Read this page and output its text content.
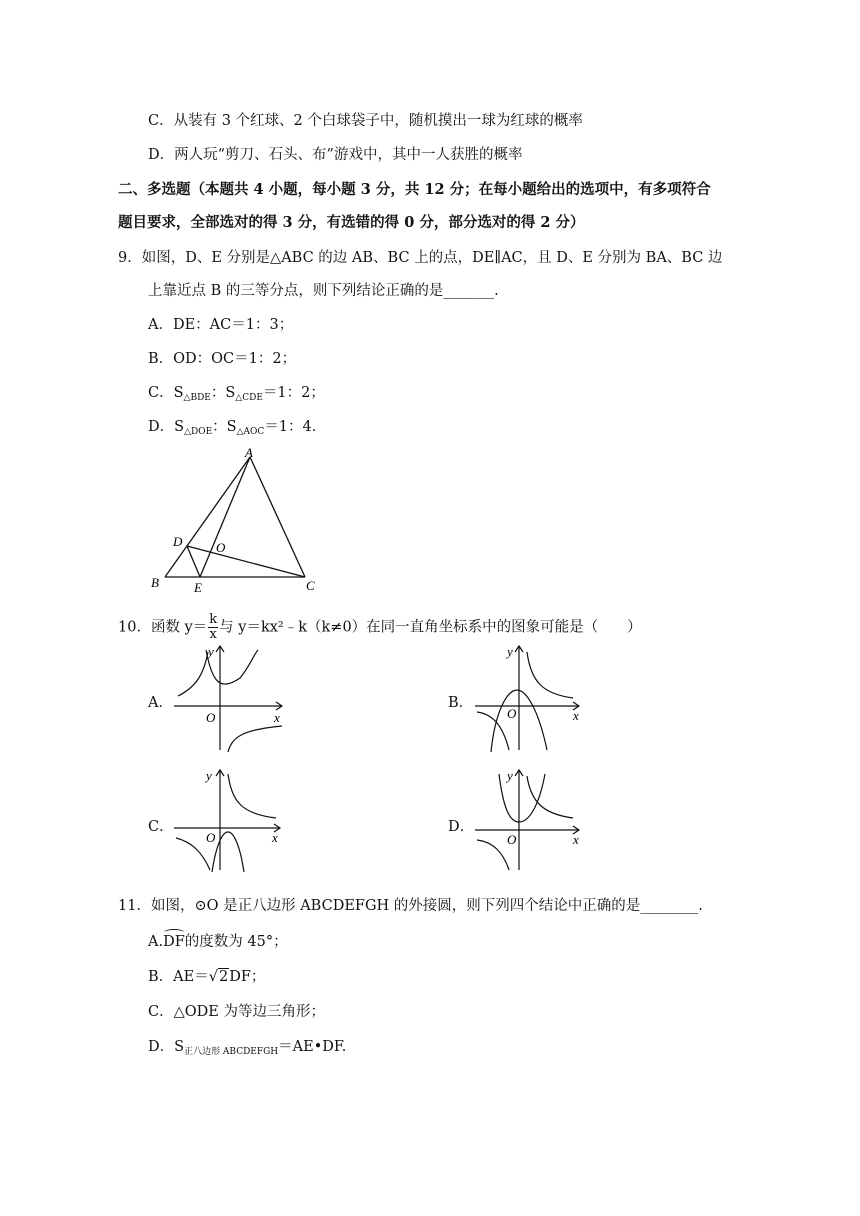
C．从装有 3 个红球、2 个白球袋子中，随机摸出一球为红球的概率
D．两人玩“剪刀、石头、布”游戏中，其中一人获胜的概率
二、多选题（本题共 4 小题，每小题 3 分，共 12 分；在每小题给出的选项中，有多项符合
题目要求，全部选对的得 3 分，有选错的得 0 分，部分选对的得 2 分）
9．如图，D、E 分别是△ABC 的边 AB、BC 上的点，DE∥AC，且 D、E 分别为 BA、BC 边
上靠近点 B 的三等分点，则下列结论正确的是_______.
A．DE：AC＝1：3；
B．OD：OC＝1：2；
C．$S_{\triangle BDE}$：$S_{\triangle CDE}=1$：2；
D．$S_{\triangle DOE}$：$S_{\triangle AOC}=1$：4．
A
B	C
D
E
O
10．函数 $y= \frac{k}{x}$ 与 y＝kx²﹣k（k≠0）在同一直角坐标系中的图象可能是（　　）
A．	B．
C．	D．
y
x
O
y
x
O
y
x
O
y
x
O
11．如图，⊙O 是正八边形 ABCDEFGH 的外接圆，则下列四个结论中正确的是________.
A.DF的度数为 45°；
B．AE＝√2DF；
C．△ODE 为等边三角形；
D．$S_{正八边形 ABCDEFGH}=AE•DF$.
